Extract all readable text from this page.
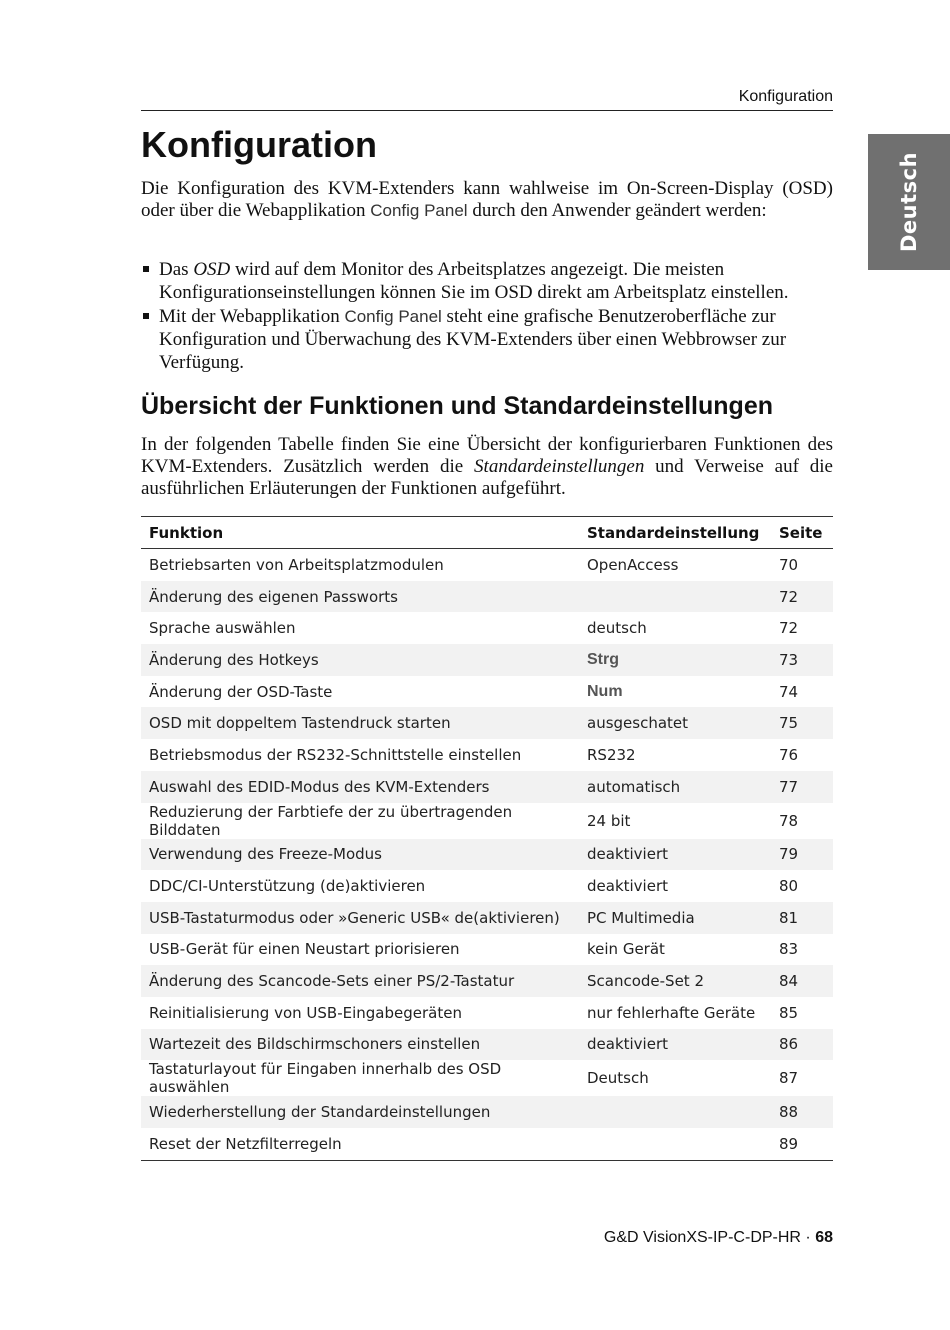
Konfiguration
Deutsch
Konfiguration

Die Konfiguration des KVM-Extenders kann wahlweise im On-Screen-Display (OSD) oder über die Webapplikation Config Panel durch den Anwender geändert werden:

Das OSD wird auf dem Monitor des Arbeitsplatzes angezeigt. Die meisten Konfigurationseinstellungen können Sie im OSD direkt am Arbeitsplatz einstellen.
Mit der Webapplikation Config Panel steht eine grafische Benutzeroberfläche zur Konfiguration und Überwachung des KVM-Extenders über einen Webbrowser zur Verfügung.
Übersicht der Funktionen und Standardeinstellungen

In der folgenden Tabelle finden Sie eine Übersicht der konfigurierbaren Funktionen des KVM-Extenders. Zusätzlich werden die Standardeinstellungen und Verweise auf die ausführlichen Erläuterungen der Funktionen aufgeführt.

Funktion	Standardeinstellung	Seite
Betriebsarten von Arbeitsplatzmodulen	OpenAccess	70
Änderung des eigenen Passworts		72
Sprache auswählen	deutsch	72
Änderung des Hotkeys	Strg	73
Änderung der OSD-Taste	Num	74
OSD mit doppeltem Tastendruck starten	ausgeschatet	75
Betriebsmodus der RS232-Schnittstelle einstellen	RS232	76
Auswahl des EDID-Modus des KVM-Extenders	automatisch	77
Reduzierung der Farbtiefe der zu übertragenden Bilddaten	24 bit	78
Verwendung des Freeze-Modus	deaktiviert	79
DDC/CI-Unterstützung (de)aktivieren	deaktiviert	80
USB-Tastaturmodus oder »Generic USB« de(aktivieren)	PC Multimedia	81
USB-Gerät für einen Neustart priorisieren	kein Gerät	83
Änderung des Scancode-Sets einer PS/2-Tastatur	Scancode-Set 2	84
Reinitialisierung von USB-Eingabegeräten	nur fehlerhafte Geräte	85
Wartezeit des Bildschirmschoners einstellen	deaktiviert	86
Tastaturlayout für Eingaben innerhalb des OSD auswählen	Deutsch	87
Wiederherstellung der Standardeinstellungen		88
Reset der Netzfilterregeln		89
G&D VisionXS-IP-C-DP-HR · 68
